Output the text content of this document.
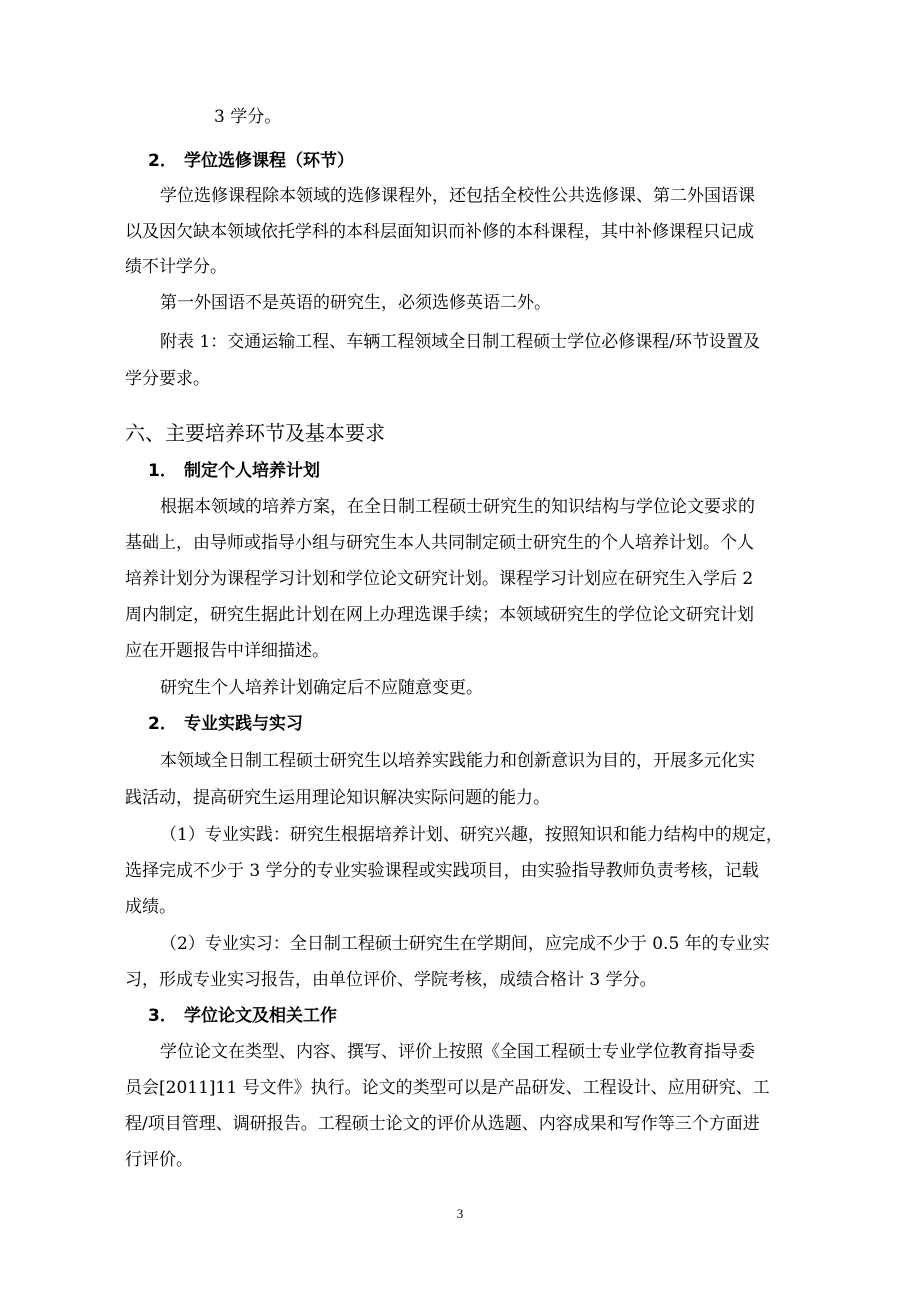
3 学分。
2． 学位选修课程（环节）
学位选修课程除本领域的选修课程外，还包括全校性公共选修课、第二外国语课
以及因欠缺本领域依托学科的本科层面知识而补修的本科课程，其中补修课程只记成
绩不计学分。
第一外国语不是英语的研究生，必须选修英语二外。
附表 1：交通运输工程、车辆工程领域全日制工程硕士学位必修课程/环节设置及
学分要求。
六、主要培养环节及基本要求
1． 制定个人培养计划
根据本领域的培养方案，在全日制工程硕士研究生的知识结构与学位论文要求的
基础上，由导师或指导小组与研究生本人共同制定硕士研究生的个人培养计划。个人
培养计划分为课程学习计划和学位论文研究计划。课程学习计划应在研究生入学后 2
周内制定，研究生据此计划在网上办理选课手续；本领域研究生的学位论文研究计划
应在开题报告中详细描述。
研究生个人培养计划确定后不应随意变更。
2． 专业实践与实习
本领域全日制工程硕士研究生以培养实践能力和创新意识为目的，开展多元化实
践活动，提高研究生运用理论知识解决实际问题的能力。
（1）专业实践：研究生根据培养计划、研究兴趣，按照知识和能力结构中的规定，
选择完成不少于 3 学分的专业实验课程或实践项目，由实验指导教师负责考核，记载
成绩。
（2）专业实习：全日制工程硕士研究生在学期间，应完成不少于 0.5 年的专业实
习，形成专业实习报告，由单位评价、学院考核，成绩合格计 3 学分。
3． 学位论文及相关工作
学位论文在类型、内容、撰写、评价上按照《全国工程硕士专业学位教育指导委
员会[2011]11 号文件》执行。论文的类型可以是产品研发、工程设计、应用研究、工
程/项目管理、调研报告。工程硕士论文的评价从选题、内容成果和写作等三个方面进
行评价。
3
